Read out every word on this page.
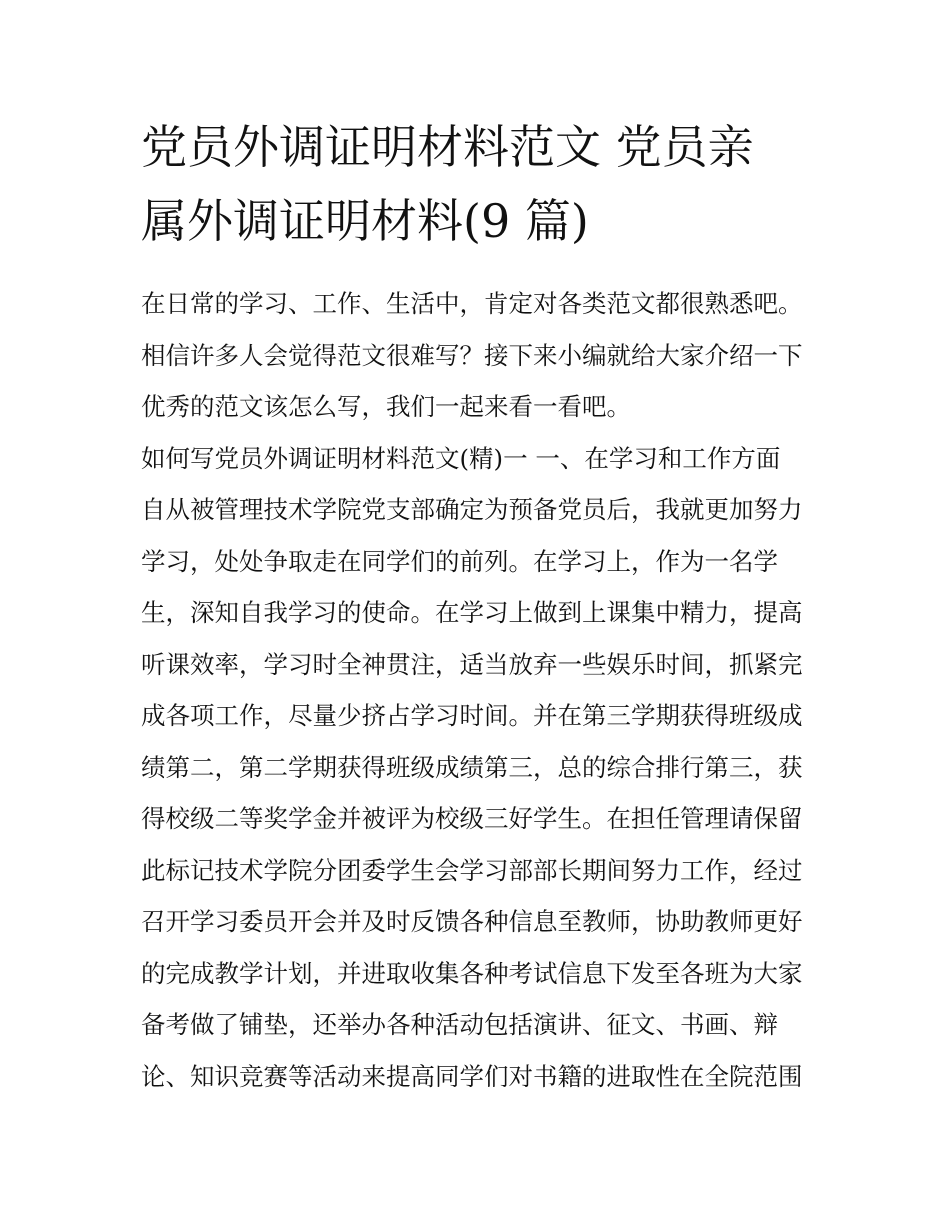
党员外调证明材料范文 党员亲
属外调证明材料(9 篇)
在日常的学习、工作、生活中，肯定对各类范文都很熟悉吧。
相信许多人会觉得范文很难写？接下来小编就给大家介绍一下
优秀的范文该怎么写，我们一起来看一看吧。
如何写党员外调证明材料范文(精)一 一、在学习和工作方面
自从被管理技术学院党支部确定为预备党员后，我就更加努力
学习，处处争取走在同学们的前列。在学习上，作为一名学
生，深知自我学习的使命。在学习上做到上课集中精力，提高
听课效率，学习时全神贯注，适当放弃一些娱乐时间，抓紧完
成各项工作，尽量少挤占学习时间。并在第三学期获得班级成
绩第二，第二学期获得班级成绩第三，总的综合排行第三，获
得校级二等奖学金并被评为校级三好学生。在担任管理请保留
此标记技术学院分团委学生会学习部部长期间努力工作，经过
召开学习委员开会并及时反馈各种信息至教师，协助教师更好
的完成教学计划，并进取收集各种考试信息下发至各班为大家
备考做了铺垫，还举办各种活动包括演讲、征文、书画、辩
论、知识竞赛等活动来提高同学们对书籍的进取性在全院范围
